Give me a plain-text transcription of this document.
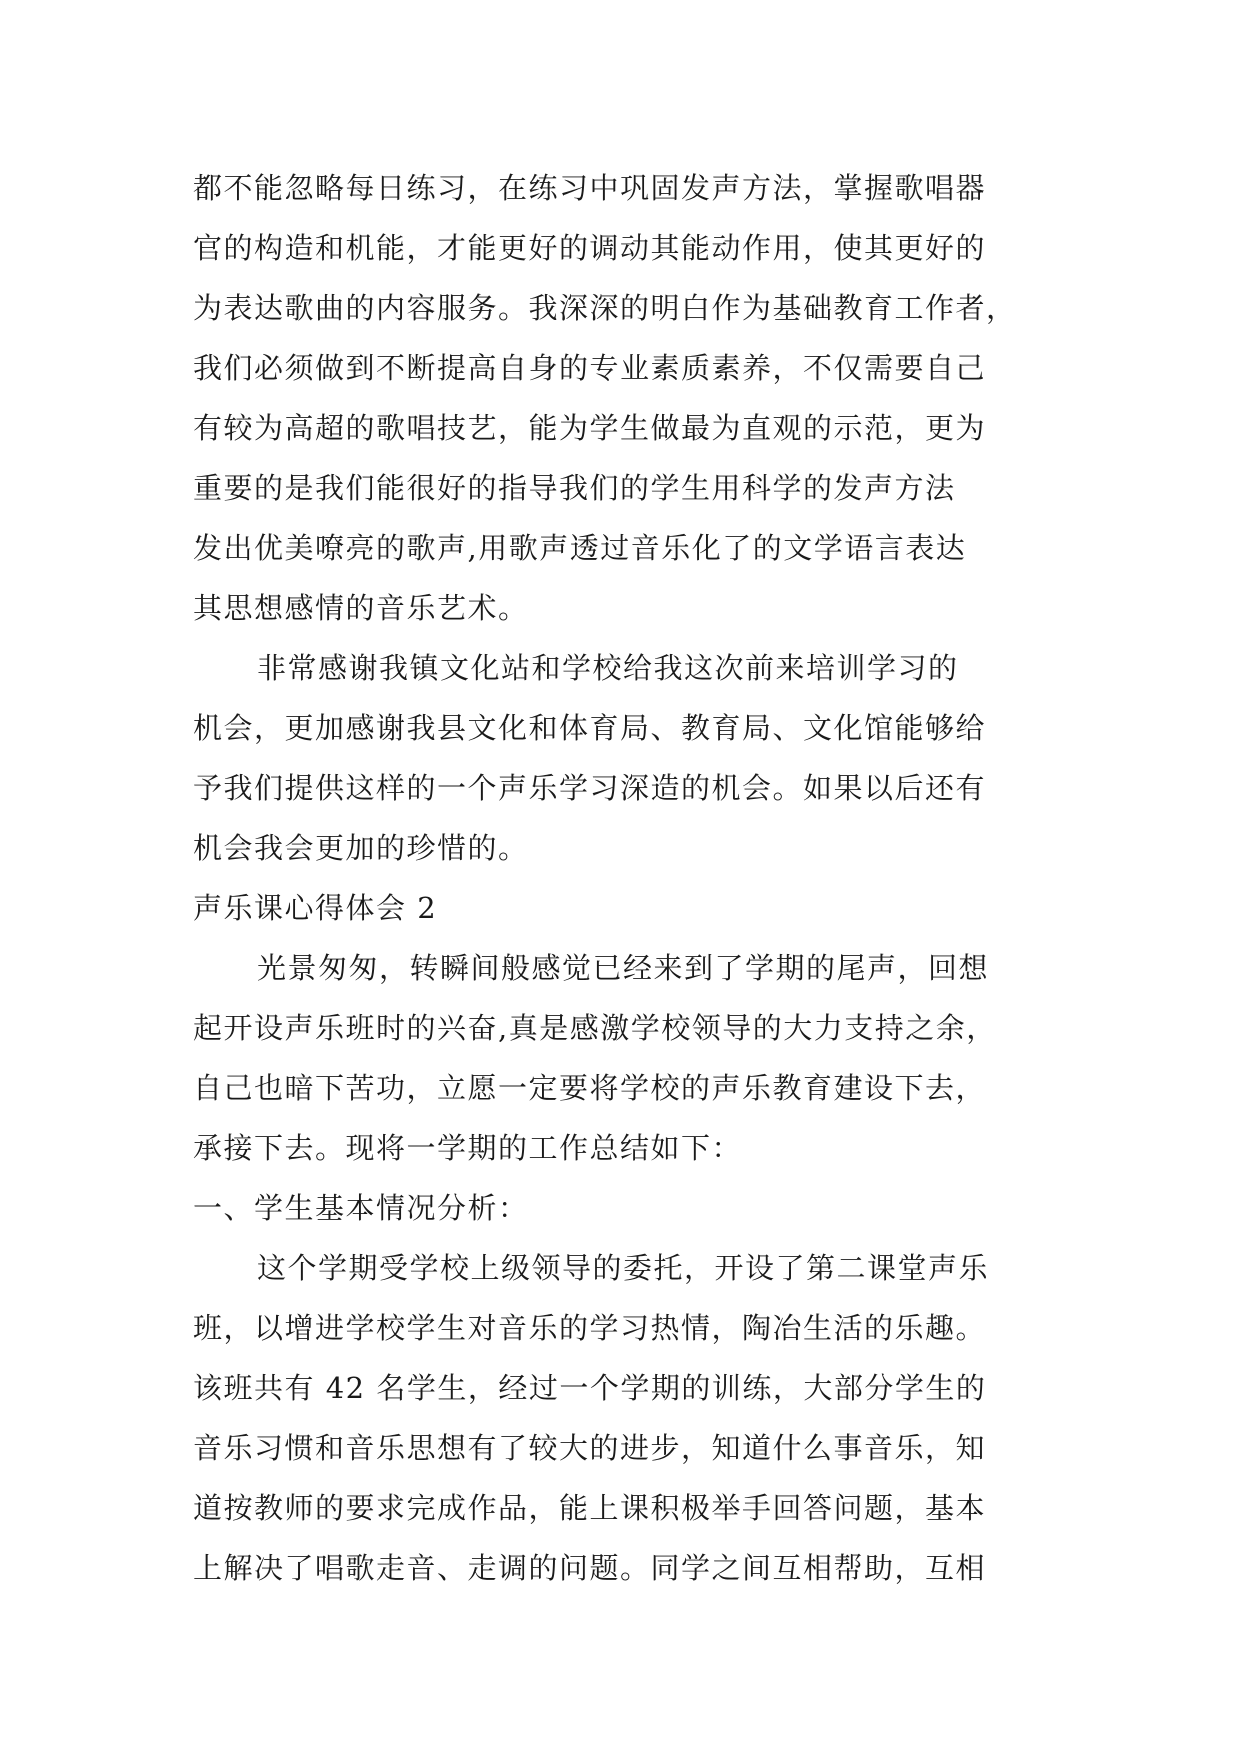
都不能忽略每日练习，在练习中巩固发声方法，掌握歌唱器
官的构造和机能，才能更好的调动其能动作用，使其更好的
为表达歌曲的内容服务。我深深的明白作为基础教育工作者，
我们必须做到不断提高自身的专业素质素养，不仅需要自己
有较为高超的歌唱技艺，能为学生做最为直观的示范，更为
重要的是我们能很好的指导我们的学生用科学的发声方法
发出优美嘹亮的歌声,用歌声透过音乐化了的文学语言表达
其思想感情的音乐艺术。
非常感谢我镇文化站和学校给我这次前来培训学习的
机会，更加感谢我县文化和体育局、教育局、文化馆能够给
予我们提供这样的一个声乐学习深造的机会。如果以后还有
机会我会更加的珍惜的。
声乐课心得体会 2
光景匆匆，转瞬间般感觉已经来到了学期的尾声，回想
起开设声乐班时的兴奋,真是感激学校领导的大力支持之余，
自己也暗下苦功，立愿一定要将学校的声乐教育建设下去，
承接下去。现将一学期的工作总结如下：
一、学生基本情况分析：
这个学期受学校上级领导的委托，开设了第二课堂声乐
班，以增进学校学生对音乐的学习热情，陶冶生活的乐趣。
该班共有 42 名学生，经过一个学期的训练，大部分学生的
音乐习惯和音乐思想有了较大的进步，知道什么事音乐，知
道按教师的要求完成作品，能上课积极举手回答问题，基本
上解决了唱歌走音、走调的问题。同学之间互相帮助，互相
